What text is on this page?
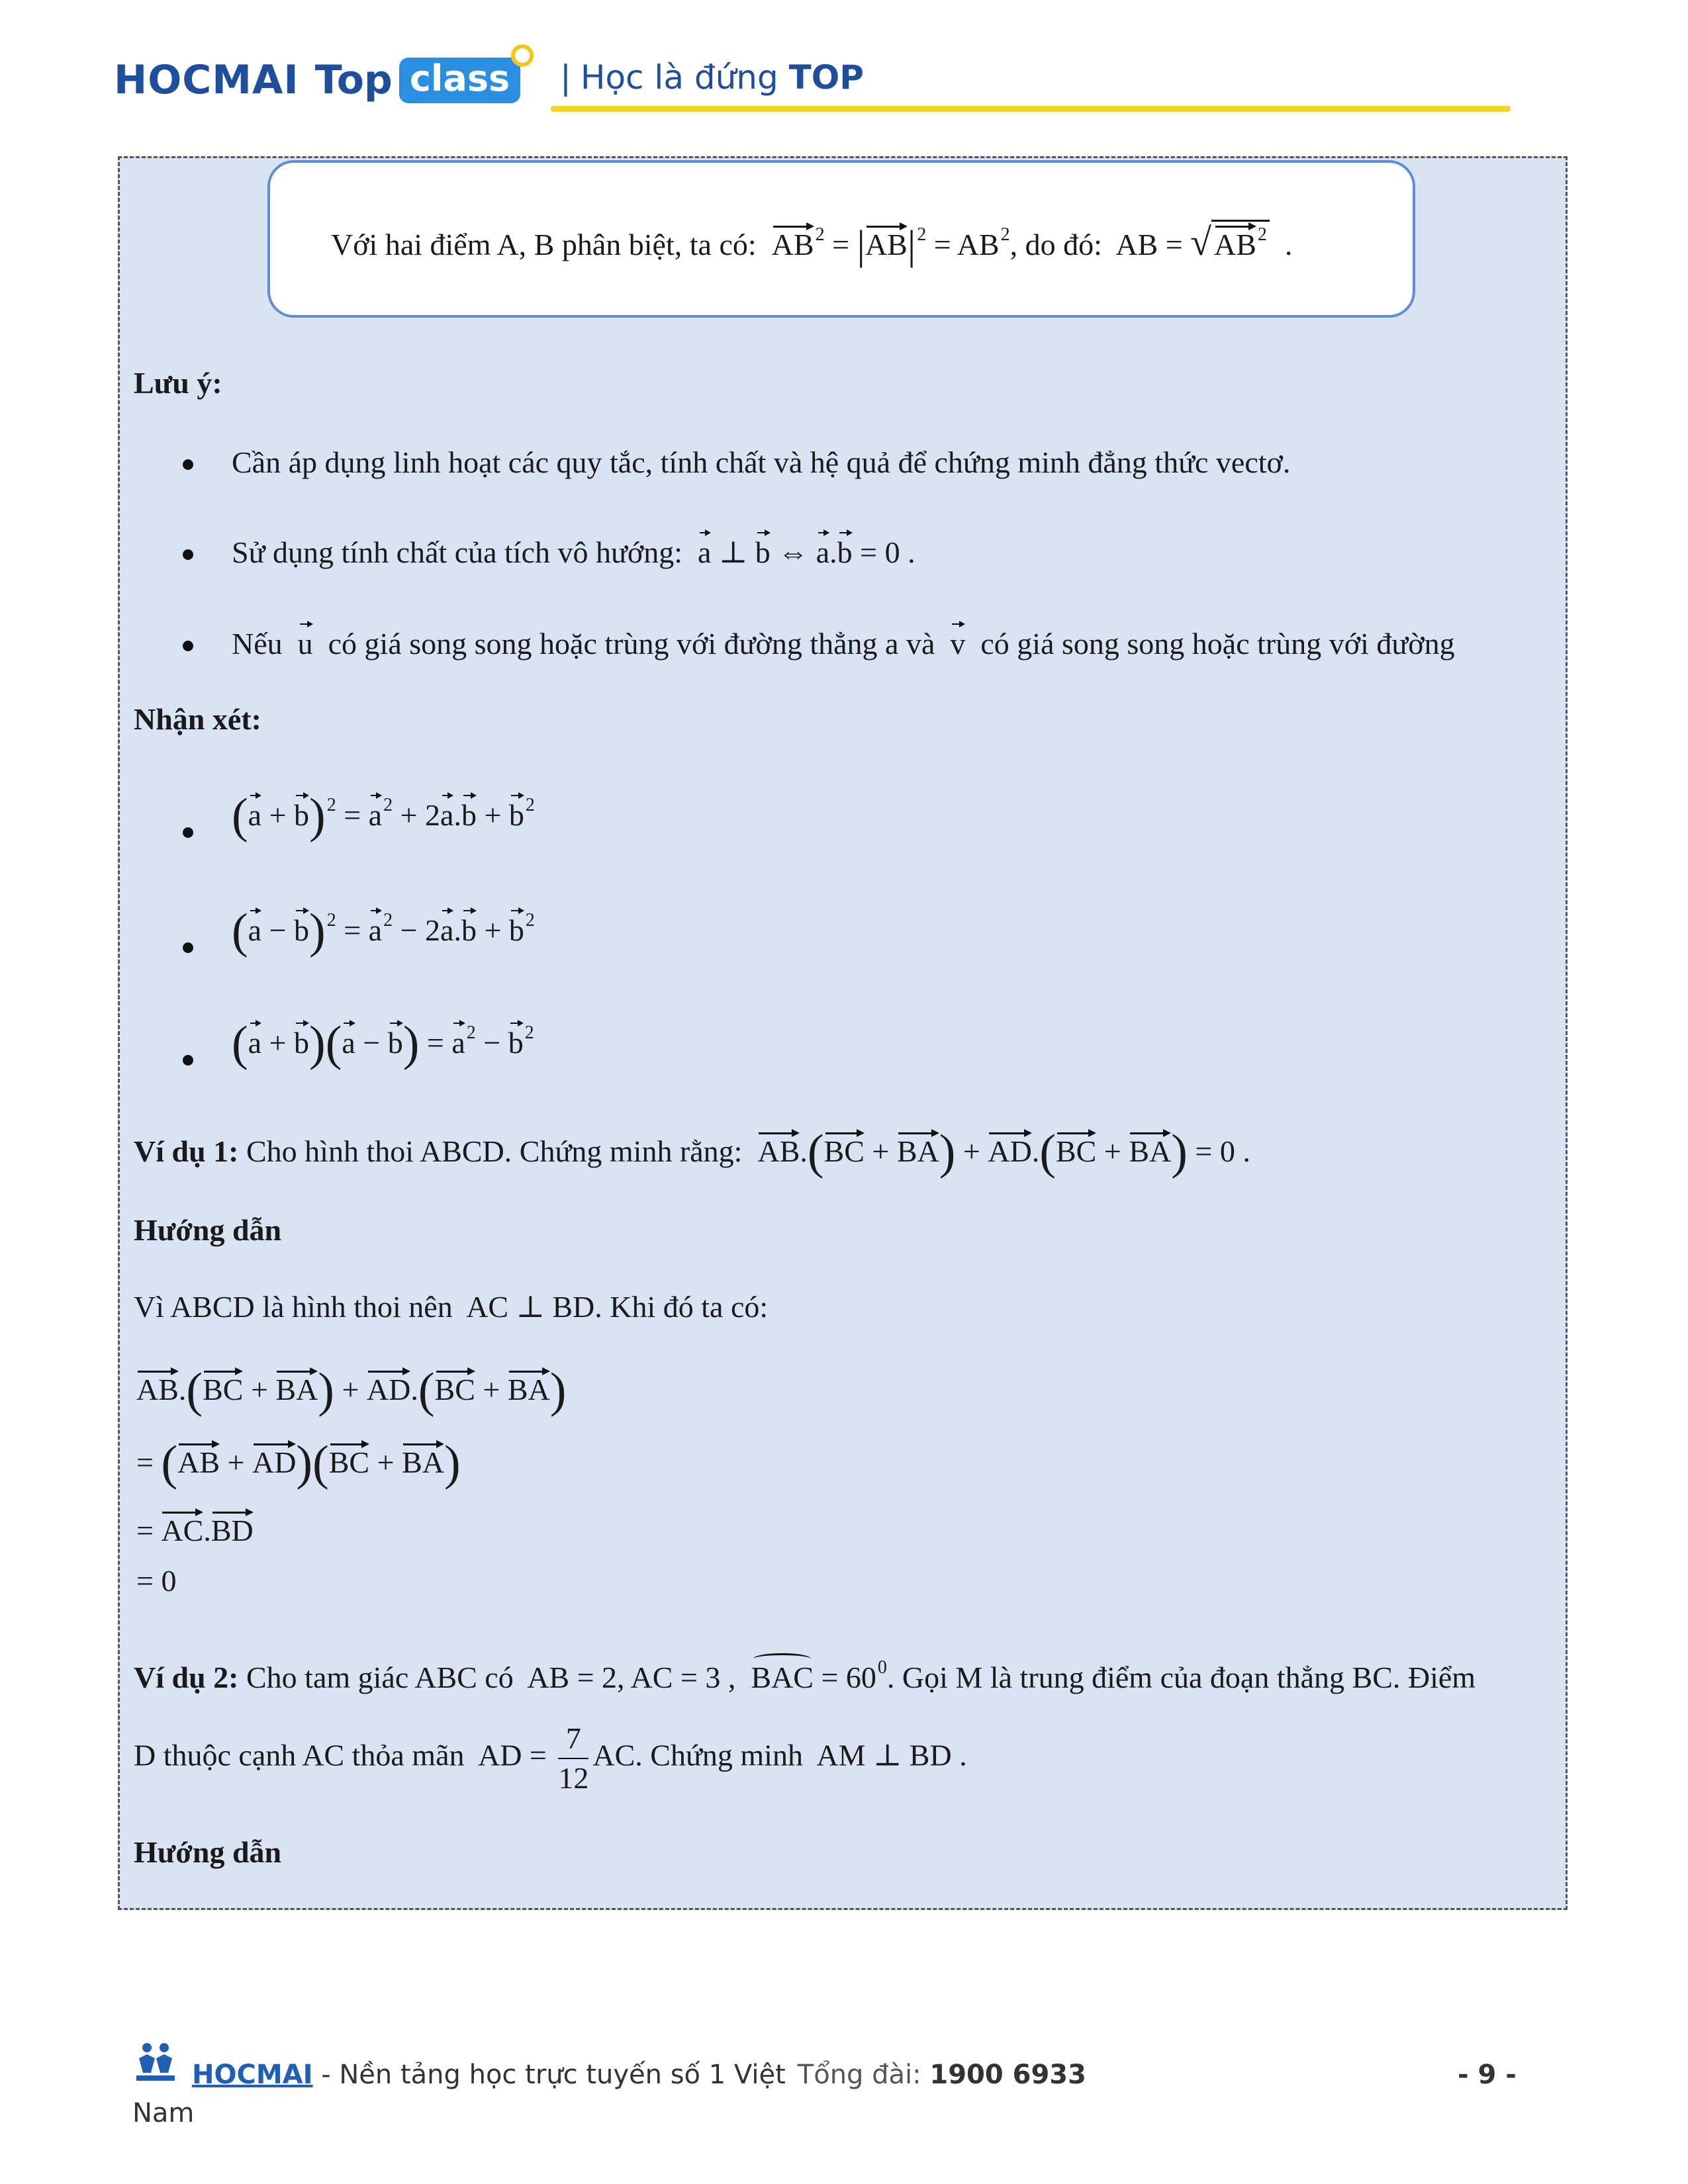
HOCMAI Top class	| Học là đứng TOP
Với hai điểm A, B phân biệt, ta có: $AB^2 = |AB|^2 = AB^2$, do đó:  AB = $√AB^2$  .
Lưu ý:
Cần áp dụng linh hoạt các quy tắc, tính chất và hệ quả để chứng minh đẳng thức vectơ.
Sử dụng tính chất của tích vô hướng: a ⊥ b ⇔ a.b = 0 .
Nếu u có giá song song hoặc trùng với đường thẳng a và v có giá song song hoặc trùng với đường
Nhận xét:
$(a + b)^2 = a^2 + 2a.b + b^2$
$(a - b)^2 = a^2 - 2a.b + b^2$
$(a + b)(a - b) = a^2 - b^2$
Ví dụ 1: Cho hình thoi ABCD. Chứng minh rằng: AB.(BC + BA) + AD.(BC + BA) = 0 .
Hướng dẫn
Vì ABCD là hình thoi nên  AC ⊥ BD. Khi đó ta có:
AB.(BC + BA) + AD.(BC + BA)
= (AB + AD)(BC + BA)
= AC.BD
= 0
Ví dụ 2: Cho tam giác ABC có  AB = 2, AC = 3 ,  BAC = $60^0$. Gọi M là trung điểm của đoạn thẳng BC. Điểm
D thuộc cạnh AC thỏa mãn  AD = $\frac{7}{12}$ AC. Chứng minh  AM ⊥ BD .
Hướng dẫn
HOCMAI - Nền tảng học trực tuyến số 1 Việt Tổng đài: 1900 6933
Nam
- 9 -
